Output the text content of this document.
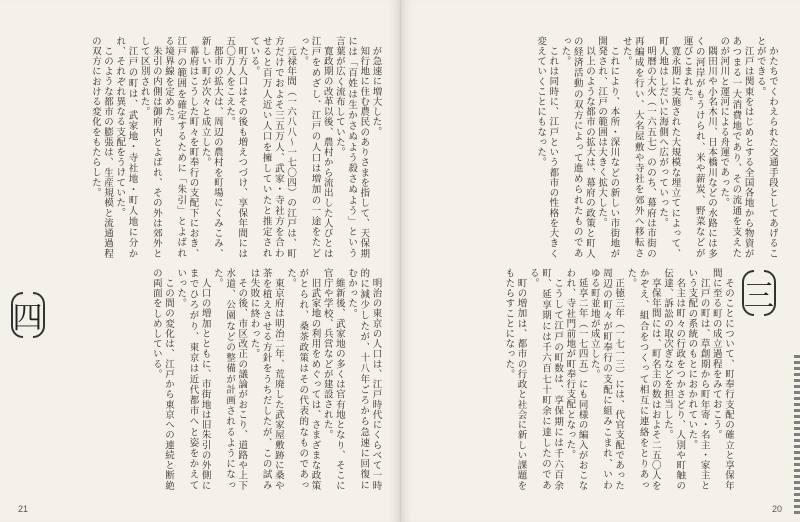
が急速に増大した。

知行地に住む農民のありさまを指して、天保期には「百姓は生かさぬよう殺さぬよう」という言葉が広く流布していた。

寛政期の改革以後、農村から流出した人びとは江戸をめざし、江戸の人口は増加の一途をたどった。

元禄年間（一六八八〜一七〇四）の江戸は、町方だけでおよそ三五万人、武家・寺社方を合わせると百万人近い人口を擁していたと推定されている。

町方人口はその後も増えつづけ、享保年間には五〇万人をこえた。

都市の拡大は、周辺の農村を町場にくみこみ、新しい町が次々と成立した。

幕府はこうした町々を町奉行の支配下におき、江戸の範囲を確定するために「朱引」とよばれる境界線を定めた。

朱引の内側は御府内とよばれ、その外は郊外として区別された。

江戸の町は、武家地・寺社地・町人地に分かれ、それぞれ異なる支配をうけていた。

このような都市の膨張は、生産規模と流通過程の双方における変化をもたらした。

四	明治の東京の人口は、江戸時代にくらべて一時的に減少したが、十八年ごろから急速に回復にむかった。

維新後、武家地の多くは官有地となり、そこに官庁や学校、兵営などが建設された。

旧武家地の利用をめぐっては、さまざまな政策がとられ、桑茶政策はその代表的なものであった。

東京府は明治二年、荒廃した武家屋敷跡に桑や茶を植えさせる方針をうちだしたが、この試みは失敗に終わった。

その後、市区改正の議論がおこり、道路や上下水道、公園などの整備が計画されるようになった。

人口の増加とともに、市街地は旧朱引の外側にまでひろがり、東京は近代都市へと姿をかえていった。

この間の変化は、江戸から東京への連続と断絶の両面をしめしている。

21

かたちでくわえられた交通手段としてあげることができる。

江戸は関東をはじめとする全国各地から物資があつまる一大消費地であり、その流通を支えたのが河川と運河による舟運であった。

隅田川や小名木川、日本橋川などの水路には多くの河岸がもうけられ、米や薪炭、野菜などが運びこまれた。

寛永期に実施された大規模な埋立てによって、町人地はしだいに海側へ広がっていった。

明暦の大火（一六五七）ののち、幕府は市街の再編成を行い、大名屋敷や寺社を郊外へ移転させた。

これにより、本所・深川などの新しい市街地が開発され、江戸の範囲は大きく拡大した。

以上のような都市の拡大は、幕府の政策と町人の経済活動の双方によって進められたものであった。

これは同時に、江戸という都市の性格を大きく変えていくことにもなった。

三

そのことについて、町奉行支配の確立と享保年間に至る町の成立過程をみておこう。

江戸の町は、草創期から町年寄・名主・家主という支配の系統のもとにおかれていた。

名主は町々の行政をつかさどり、人別や町触の伝達、訴訟の取次ぎなどを担当した。

享保年間には、町名主の数はおよそ二五〇人をかぞえ、組合をつくって相互に連絡をとりあった。

正徳三年（一七一三）には、代官支配であった周辺の町々が町奉行の支配に組みこまれ、いわゆる町並地が成立した。

延享二年（一七四五）にも同様の編入がおこなわれ、寺社門前地が町奉行支配となった。

こうして江戸の町数は、享保期には千六百余町、延享期には千六百七十町余に達したのである。

町の増加は、都市の行政と社会に新しい課題をもたらすことになった。

20
